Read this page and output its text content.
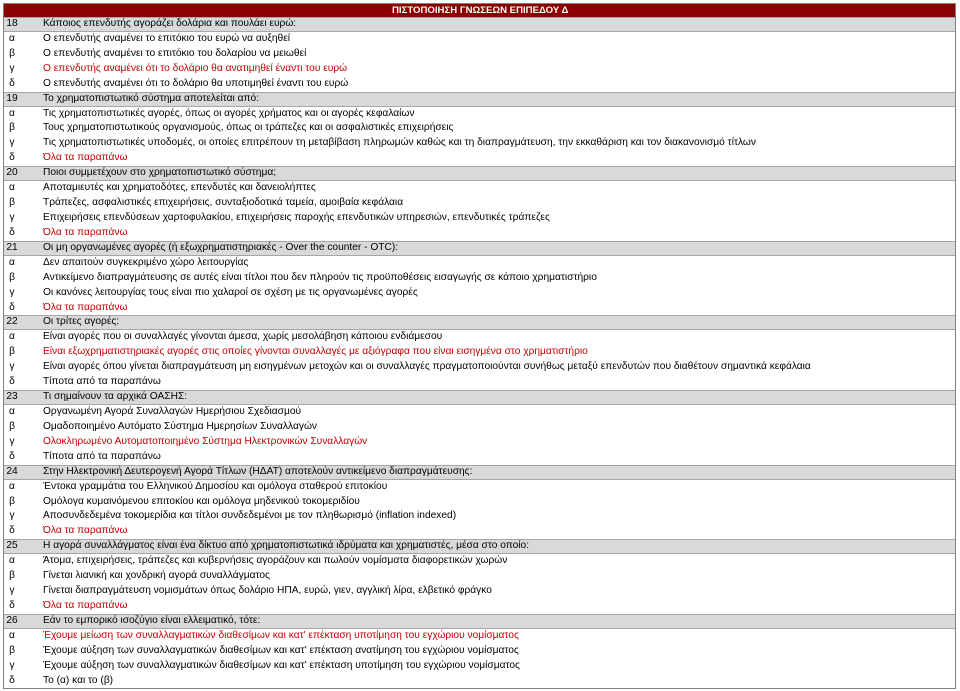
ΠΙΣΤΟΠΟΙΗΣΗ ΓΝΩΣΕΩΝ ΕΠΙΠΕΔΟΥ Δ
18	Κάποιος επενδυτής αγοράζει δολάρια και πουλάει ευρώ:
α	Ο επενδυτής αναμένει το επιτόκιο του ευρώ να αυξηθεί
β	Ο επενδυτής αναμένει το επιτόκιο του δολαρίου να μειωθεί
γ	Ο επενδυτής αναμένει ότι το δολάριο θα ανατιμηθεί έναντι του ευρώ
δ	Ο επενδυτής αναμένει ότι το δολάριο θα υποτιμηθεί έναντι του ευρώ
19	Το χρηματοπιστωτικό σύστημα αποτελείται από:
α	Τις χρηματοπιστωτικές αγορές, όπως οι αγορές χρήματος και οι αγορές κεφαλαίων
β	Τους χρηματοπιστωτικούς οργανισμούς, όπως οι τράπεζες και οι ασφαλιστικές επιχειρήσεις
γ	Τις χρηματοπιστωτικές υποδομές, οι οποίες επιτρέπουν τη μεταβίβαση πληρωμών καθώς και τη διαπραγμάτευση, την εκκαθάριση και τον διακανονισμό τίτλων
δ	Όλα τα παραπάνω
20	Ποιοι συμμετέχουν στο χρηματοπιστωτικό σύστημα;
α	Αποταμιευτές και χρηματοδότες, επενδυτές και δανειολήπτες
β	Τράπεζες, ασφαλιστικές επιχειρήσεις, συνταξιοδοτικά ταμεία, αμοιβαία κεφάλαια
γ	Επιχειρήσεις επενδύσεων χαρτοφυλακίου, επιχειρήσεις παροχής επενδυτικών υπηρεσιών, επενδυτικές τράπεζες
δ	Όλα τα παραπάνω
21	Οι μη οργανωμένες αγορές (ή εξωχρηματιστηριακές - Over the counter - OTC):
α	Δεν απαιτούν συγκεκριμένο χώρο λειτουργίας
β	Αντικείμενο διαπραγμάτευσης σε αυτές είναι τίτλοι που δεν πληρούν τις προϋποθέσεις εισαγωγής σε κάποιο χρηματιστήριο
γ	Οι κανόνες λειτουργίας τους είναι πιο χαλαροί σε σχέση με τις οργανωμένες αγορές
δ	Όλα τα παραπάνω
22	Οι τρίτες αγορές:
α	Είναι αγορές που οι συναλλαγές γίνονται άμεσα, χωρίς μεσολάβηση κάποιου ενδιάμεσου
β	Είναι εξωχρηματιστηριακές αγορές στις οποίες γίνονται συναλλαγές με αξιόγραφα που είναι εισηγμένα στο χρηματιστήριο
γ	Είναι αγορές όπου γίνεται διαπραγμάτευση μη εισηγμένων μετοχών και οι συναλλαγές πραγματοποιούνται συνήθως μεταξύ επενδυτών που διαθέτουν σημαντικά κεφάλαια
δ	Τίποτα από τα παραπάνω
23	Τι σημαίνουν τα αρχικά ΟΑΣΗΣ:
α	Οργανωμένη Αγορά Συναλλαγών Ημερήσιου Σχεδιασμού
β	Ομαδοποιημένο Αυτόματο Σύστημα Ημερησίων Συναλλαγών
γ	Ολοκληρωμένο Αυτοματοποιημένο Σύστημα Ηλεκτρονικών Συναλλαγών
δ	Τίποτα από τα παραπάνω
24	Στην Ηλεκτρονική Δευτερογενή Αγορά Τίτλων (ΗΔΑΤ) αποτελούν αντικείμενο διαπραγμάτευσης:
α	Έντοκα γραμμάτια του Ελληνικού Δημοσίου και ομόλογα σταθερού επιτοκίου
β	Ομόλογα κυμαινόμενου επιτοκίου και ομόλογα μηδενικού τοκομεριδίου
γ	Αποσυνδεδεμένα τοκομερίδια και τίτλοι συνδεδεμένοι με τον πληθωρισμό (inflation indexed)
δ	Όλα τα παραπάνω
25	Η αγορά συναλλάγματος είναι ένα δίκτυο από χρηματοπιστωτικά ιδρύματα και χρηματιστές, μέσα στο οποίο:
α	Άτομα, επιχειρήσεις, τράπεζες και κυβερνήσεις αγοράζουν και πωλούν νομίσματα διαφορετικών χωρών
β	Γίνεται λιανική και χονδρική αγορά συναλλάγματος
γ	Γίνεται διαπραγμάτευση νομισμάτων όπως δολάριο ΗΠΑ, ευρώ, γιεν, αγγλική λίρα, ελβετικό φράγκο
δ	Όλα τα παραπάνω
26	Εάν το εμπορικό ισοζύγιο είναι ελλειματικό, τότε:
α	Έχουμε μείωση των συναλλαγματικών διαθεσίμων και κατ' επέκταση υποτίμηση του εγχώριου νομίσματος
β	Έχουμε αύξηση των συναλλαγματικών διαθεσίμων και κατ' επέκταση ανατίμηση του εγχώριου νομίσματος
γ	Έχουμε αύξηση των συναλλαγματικών διαθεσίμων και κατ' επέκταση υποτίμηση του εγχώριου νομίσματος
δ	Το (α) και το (β)
